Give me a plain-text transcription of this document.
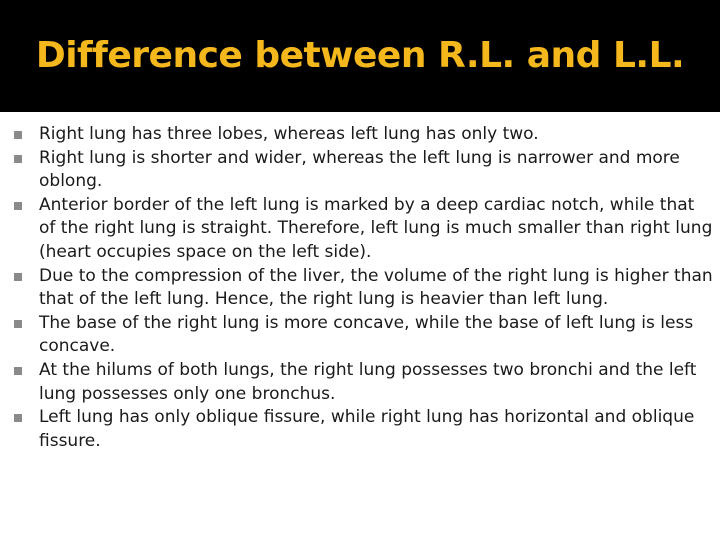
Difference between R.L. and L.L.
Right lung has three lobes, whereas left lung has only two.
Right lung is shorter and wider, whereas the left lung is narrower and more oblong.
Anterior border of the left lung is marked by a deep cardiac notch, while that of the right lung is straight. Therefore, left lung is much smaller than right lung (heart occupies space on the left side).
Due to the compression of the liver, the volume of the right lung is higher than that of the left lung. Hence, the right lung is heavier than left lung.
The base of the right lung is more concave, while the base of left lung is less concave.
At the hilums of both lungs, the right lung possesses two bronchi and the left lung possesses only one bronchus.
Left lung has only oblique fissure, while right lung has horizontal and oblique fissure.
